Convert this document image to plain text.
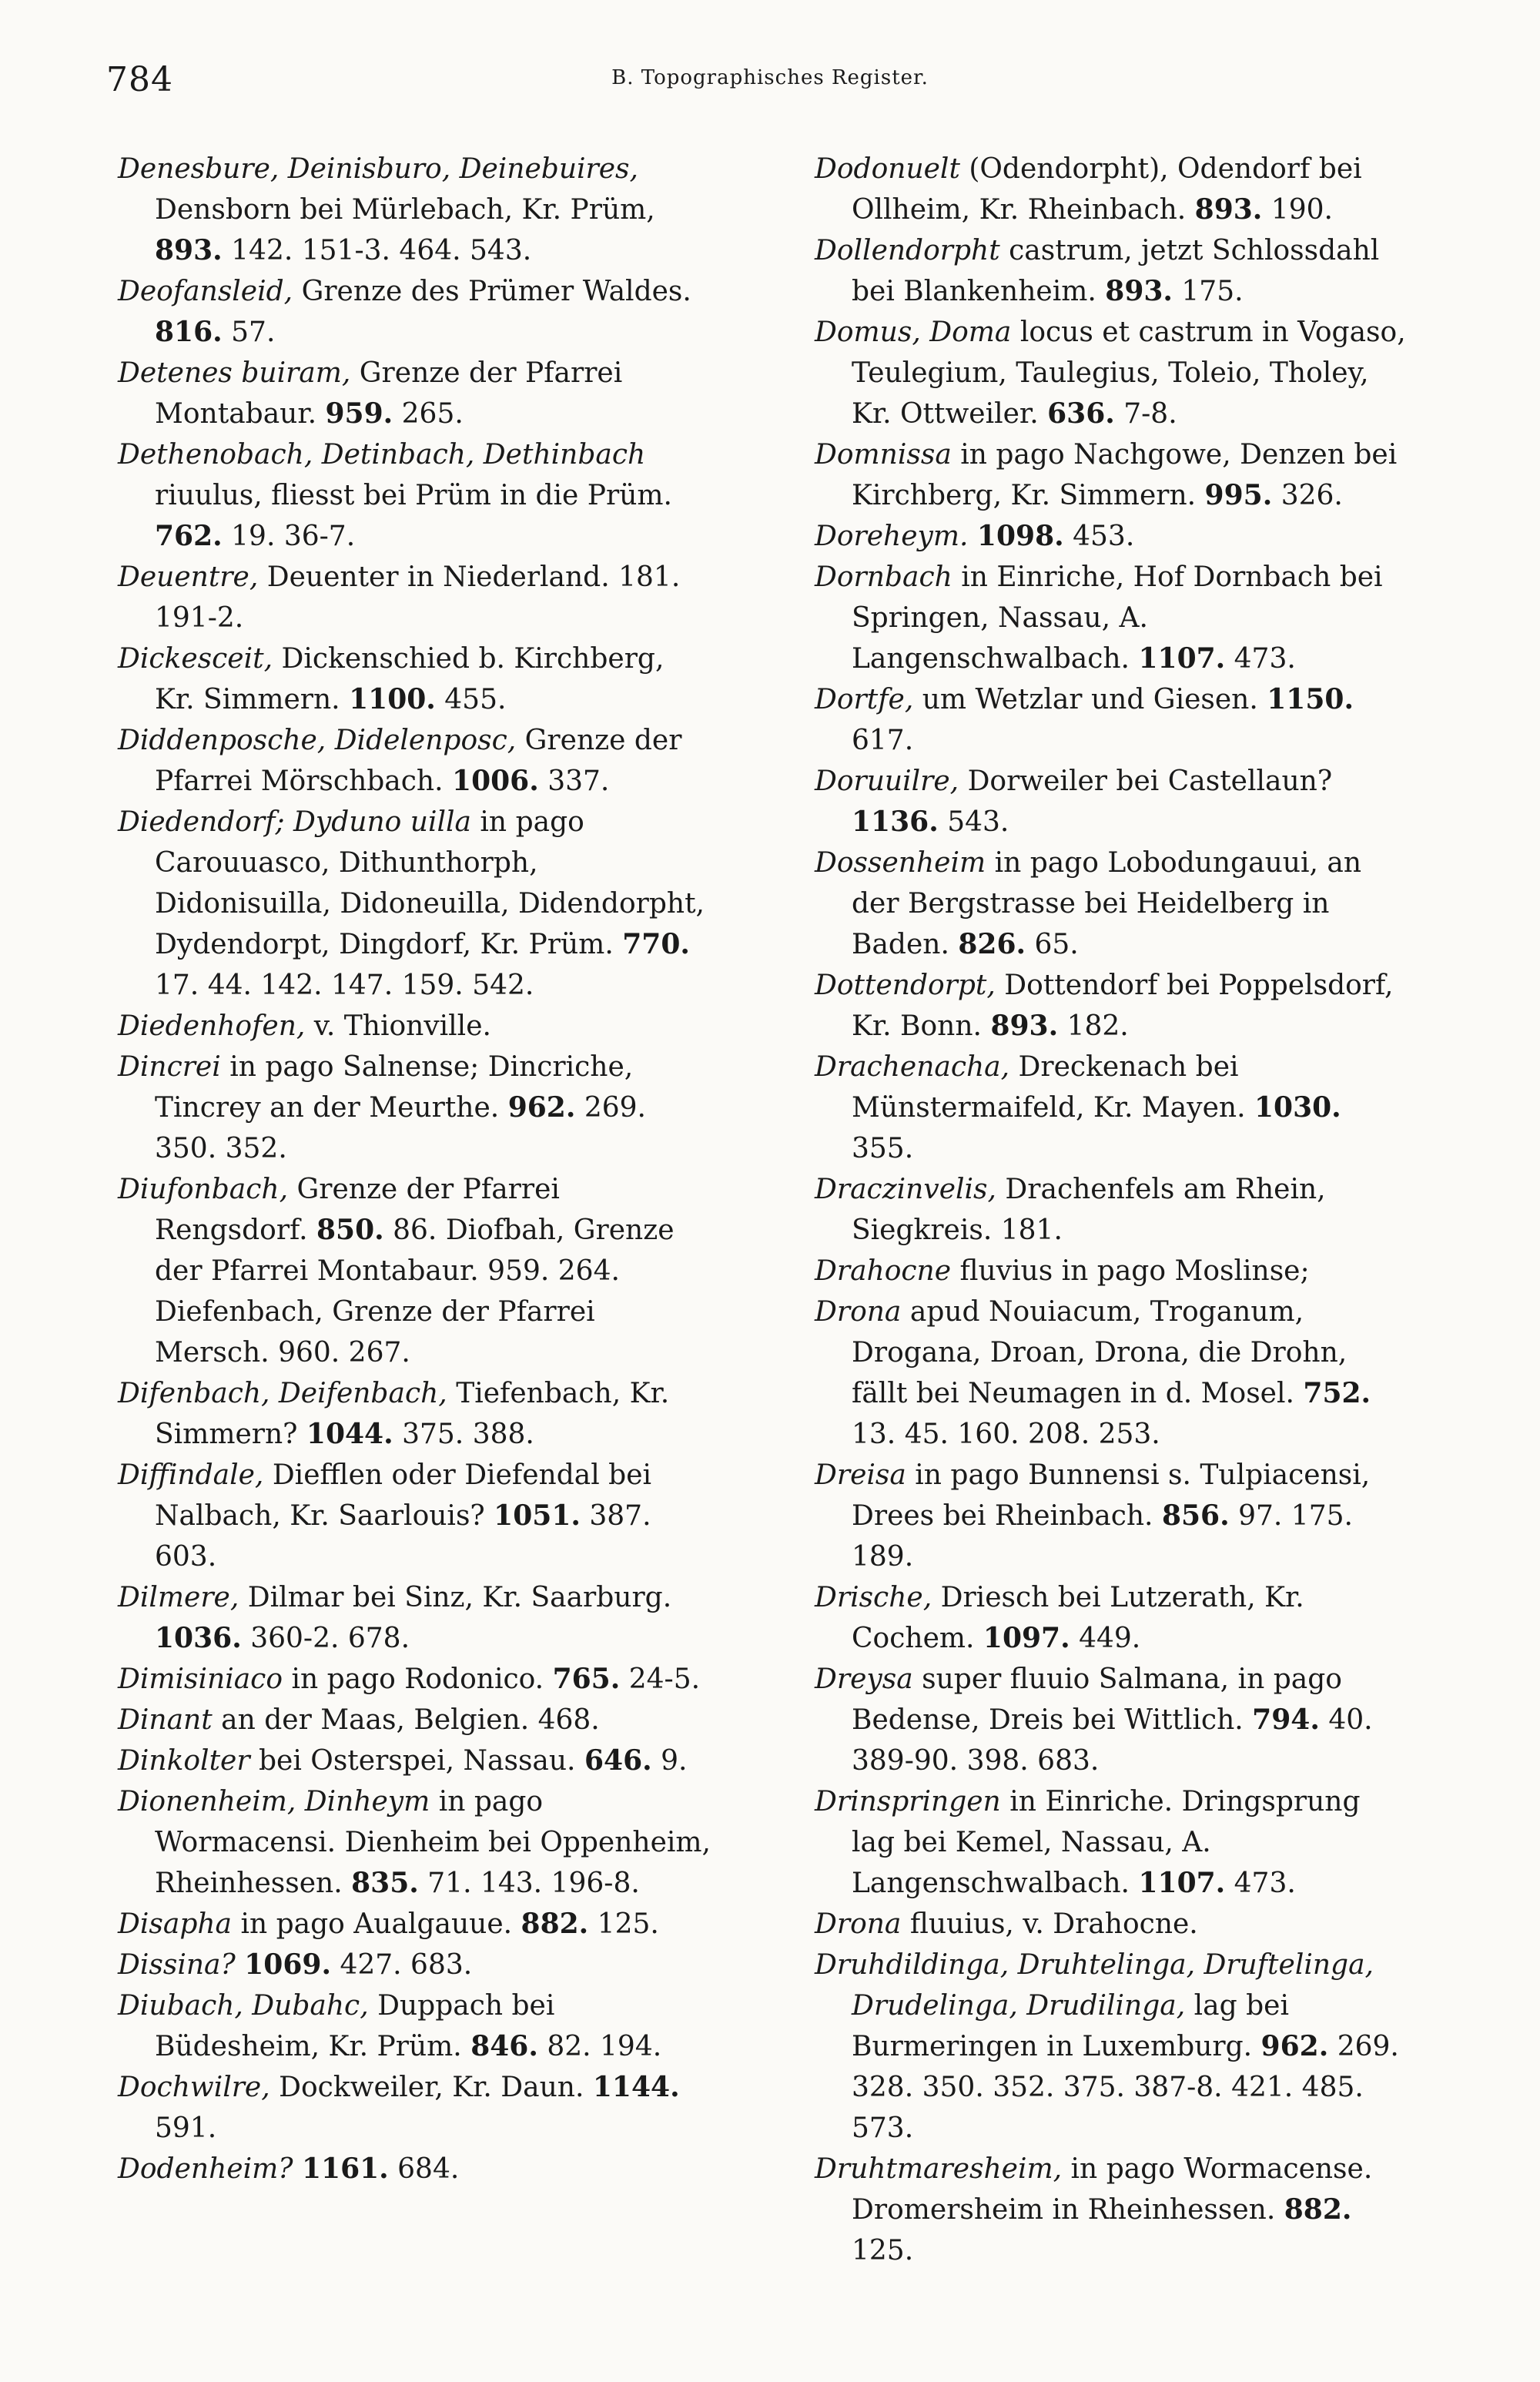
784	B. Topographisches Register.
Denesbure, Deinisburo, Deinebuires, Densborn bei Mürlebach, Kr. Prüm, 893. 142. 151-3. 464. 543.
Deofansleid, Grenze des Prümer Waldes. 816. 57.
Detenes buiram, Grenze der Pfarrei Montabaur. 959. 265.
Dethenobach, Detinbach, Dethinbach riuulus, fliesst bei Prüm in die Prüm. 762. 19. 36-7.
Deuentre, Deuenter in Niederland. 181. 191-2.
Dickesceit, Dickenschied b. Kirchberg, Kr. Simmern. 1100. 455.
Diddenposche, Didelenposc, Grenze der Pfarrei Mörschbach. 1006. 337.
Diedendorf; Dyduno uilla in pago Carouuasco, Dithunthorph, Didonisuilla, Didoneuilla, Didendorpht, Dydendorpt, Dingdorf, Kr. Prüm. 770. 17. 44. 142. 147. 159. 542.
Diedenhofen, v. Thionville.
Dincrei in pago Salnense; Dincriche, Tincrey an der Meurthe. 962. 269. 350. 352.
Diufonbach, Grenze der Pfarrei Rengsdorf. 850. 86. Diofbah, Grenze der Pfarrei Montabaur. 959. 264. Diefenbach, Grenze der Pfarrei Mersch. 960. 267.
Difenbach, Deifenbach, Tiefenbach, Kr. Simmern? 1044. 375. 388.
Diffindale, Diefflen oder Diefendal bei Nalbach, Kr. Saarlouis? 1051. 387. 603.
Dilmere, Dilmar bei Sinz, Kr. Saarburg. 1036. 360-2. 678.
Dimisiniaco in pago Rodonico. 765. 24-5.
Dinant an der Maas, Belgien. 468.
Dinkolter bei Osterspei, Nassau. 646. 9.
Dionenheim, Dinheym in pago Wormacensi. Dienheim bei Oppenheim, Rheinhessen. 835. 71. 143. 196-8.
Disapha in pago Aualgauue. 882. 125.
Dissina? 1069. 427. 683.
Diubach, Dubahc, Duppach bei Büdesheim, Kr. Prüm. 846. 82. 194.
Dochwilre, Dockweiler, Kr. Daun. 1144. 591.
Dodenheim? 1161. 684.
Dodonuelt (Odendorpht), Odendorf bei Ollheim, Kr. Rheinbach. 893. 190.
Dollendorpht castrum, jetzt Schlossdahl bei Blankenheim. 893. 175.
Domus, Doma locus et castrum in Vogaso, Teulegium, Taulegius, Toleio, Tholey, Kr. Ottweiler. 636. 7-8.
Domnissa in pago Nachgowe, Denzen bei Kirchberg, Kr. Simmern. 995. 326.
Doreheym. 1098. 453.
Dornbach in Einriche, Hof Dornbach bei Springen, Nassau, A. Langenschwalbach. 1107. 473.
Dortfe, um Wetzlar und Giesen. 1150. 617.
Doruuilre, Dorweiler bei Castellaun? 1136. 543.
Dossenheim in pago Lobodungauui, an der Bergstrasse bei Heidelberg in Baden. 826. 65.
Dottendorpt, Dottendorf bei Poppelsdorf, Kr. Bonn. 893. 182.
Drachenacha, Dreckenach bei Münstermaifeld, Kr. Mayen. 1030. 355.
Draczinvelis, Drachenfels am Rhein, Siegkreis. 181.
Drahocne fluvius in pago Moslinse;
Drona apud Nouiacum, Troganum, Drogana, Droan, Drona, die Drohn, fällt bei Neumagen in d. Mosel. 752. 13. 45. 160. 208. 253.
Dreisa in pago Bunnensi s. Tulpiacensi, Drees bei Rheinbach. 856. 97. 175. 189.
Drische, Driesch bei Lutzerath, Kr. Cochem. 1097. 449.
Dreysa super fluuio Salmana, in pago Bedense, Dreis bei Wittlich. 794. 40. 389-90. 398. 683.
Drinspringen in Einriche. Dringsprung lag bei Kemel, Nassau, A. Langenschwalbach. 1107. 473.
Drona fluuius, v. Drahocne.
Druhdildinga, Druhtelinga, Druftelinga, Drudelinga, Drudilinga, lag bei Burmeringen in Luxemburg. 962. 269. 328. 350. 352. 375. 387-8. 421. 485. 573.
Druhtmaresheim, in pago Wormacense. Dromersheim in Rheinhessen. 882. 125.
